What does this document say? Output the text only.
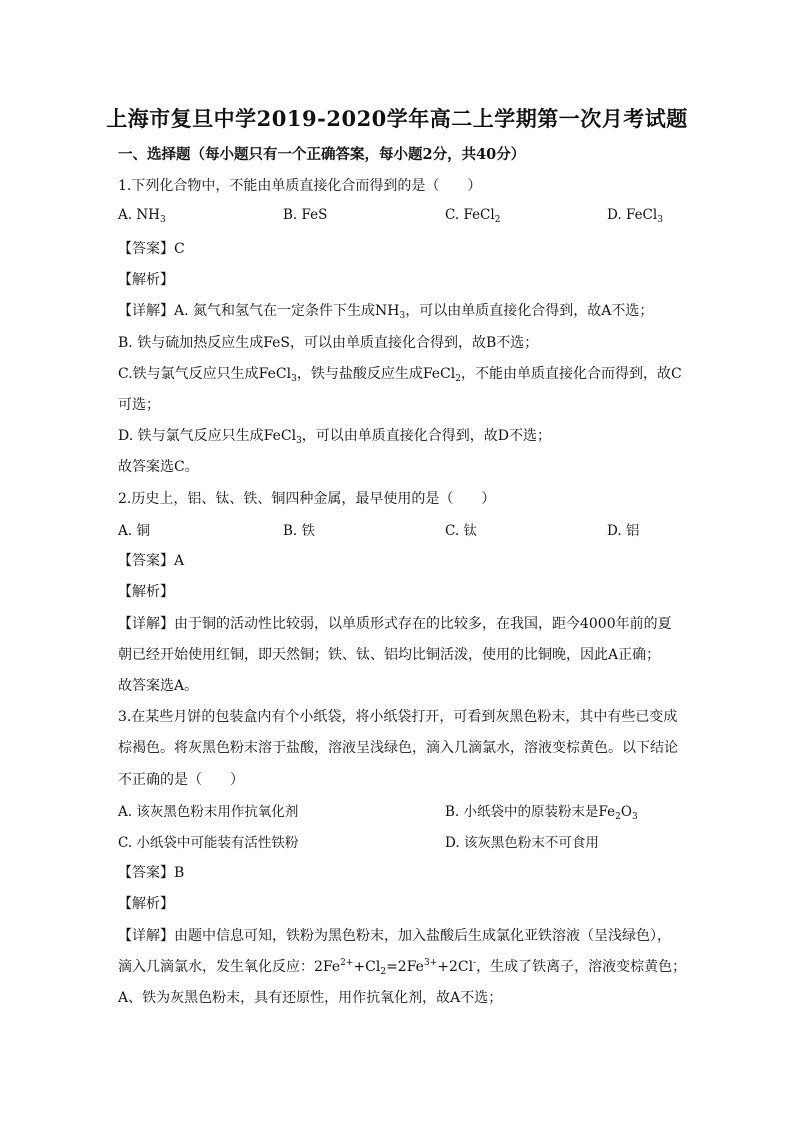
上海市复旦中学2019-2020学年高二上学期第一次月考试题
一、选择题（每小题只有一个正确答案，每小题2分，共40分）
1.下列化合物中，不能由单质直接化合而得到的是（　　）
A. $NH_3$	B. FeS	C. FeCl$_2$	D. FeCl$_3$
【答案】C
【解析】
【详解】A. 氮气和氢气在一定条件下生成$NH_3$，可以由单质直接化合得到，故A不选；
B. 铁与硫加热反应生成FeS，可以由单质直接化合得到，故B不选；
C.铁与氯气反应只生成FeCl$_3$，铁与盐酸反应生成FeCl$_2$，不能由单质直接化合而得到，故C
可选；
D. 铁与氯气反应只生成FeCl$_3$，可以由单质直接化合得到，故D不选；
故答案选C。
2.历史上，铝、钛、铁、铜四种金属，最早使用的是（　　）
A. 铜	B. 铁	C. 钛	D. 铝
【答案】A
【解析】
【详解】由于铜的活动性比较弱，以单质形式存在的比较多，在我国，距今4000年前的夏
朝已经开始使用红铜，即天然铜；铁、钛、铝均比铜活泼，使用的比铜晚，因此A正确；
故答案选A。
3.在某些月饼的包装盒内有个小纸袋，将小纸袋打开，可看到灰黑色粉末，其中有些已变成
棕褐色。将灰黑色粉末溶于盐酸，溶液呈浅绿色，滴入几滴氯水，溶液变棕黄色。以下结论
不正确的是（　　）
A. 该灰黑色粉末用作抗氧化剂	B. 小纸袋中的原装粉末是$Fe_2O_3$
C. 小纸袋中可能装有活性铁粉	D. 该灰黑色粉末不可食用
【答案】B
【解析】
【详解】由题中信息可知，铁粉为黑色粉末，加入盐酸后生成氯化亚铁溶液（呈浅绿色），
滴入几滴氯水，发生氧化反应：$2Fe^{2+}+Cl_2=2Fe^{3+}+2Cl^-$，生成了铁离子，溶液变棕黄色；
A、铁为灰黑色粉末，具有还原性，用作抗氧化剂，故A不选；
